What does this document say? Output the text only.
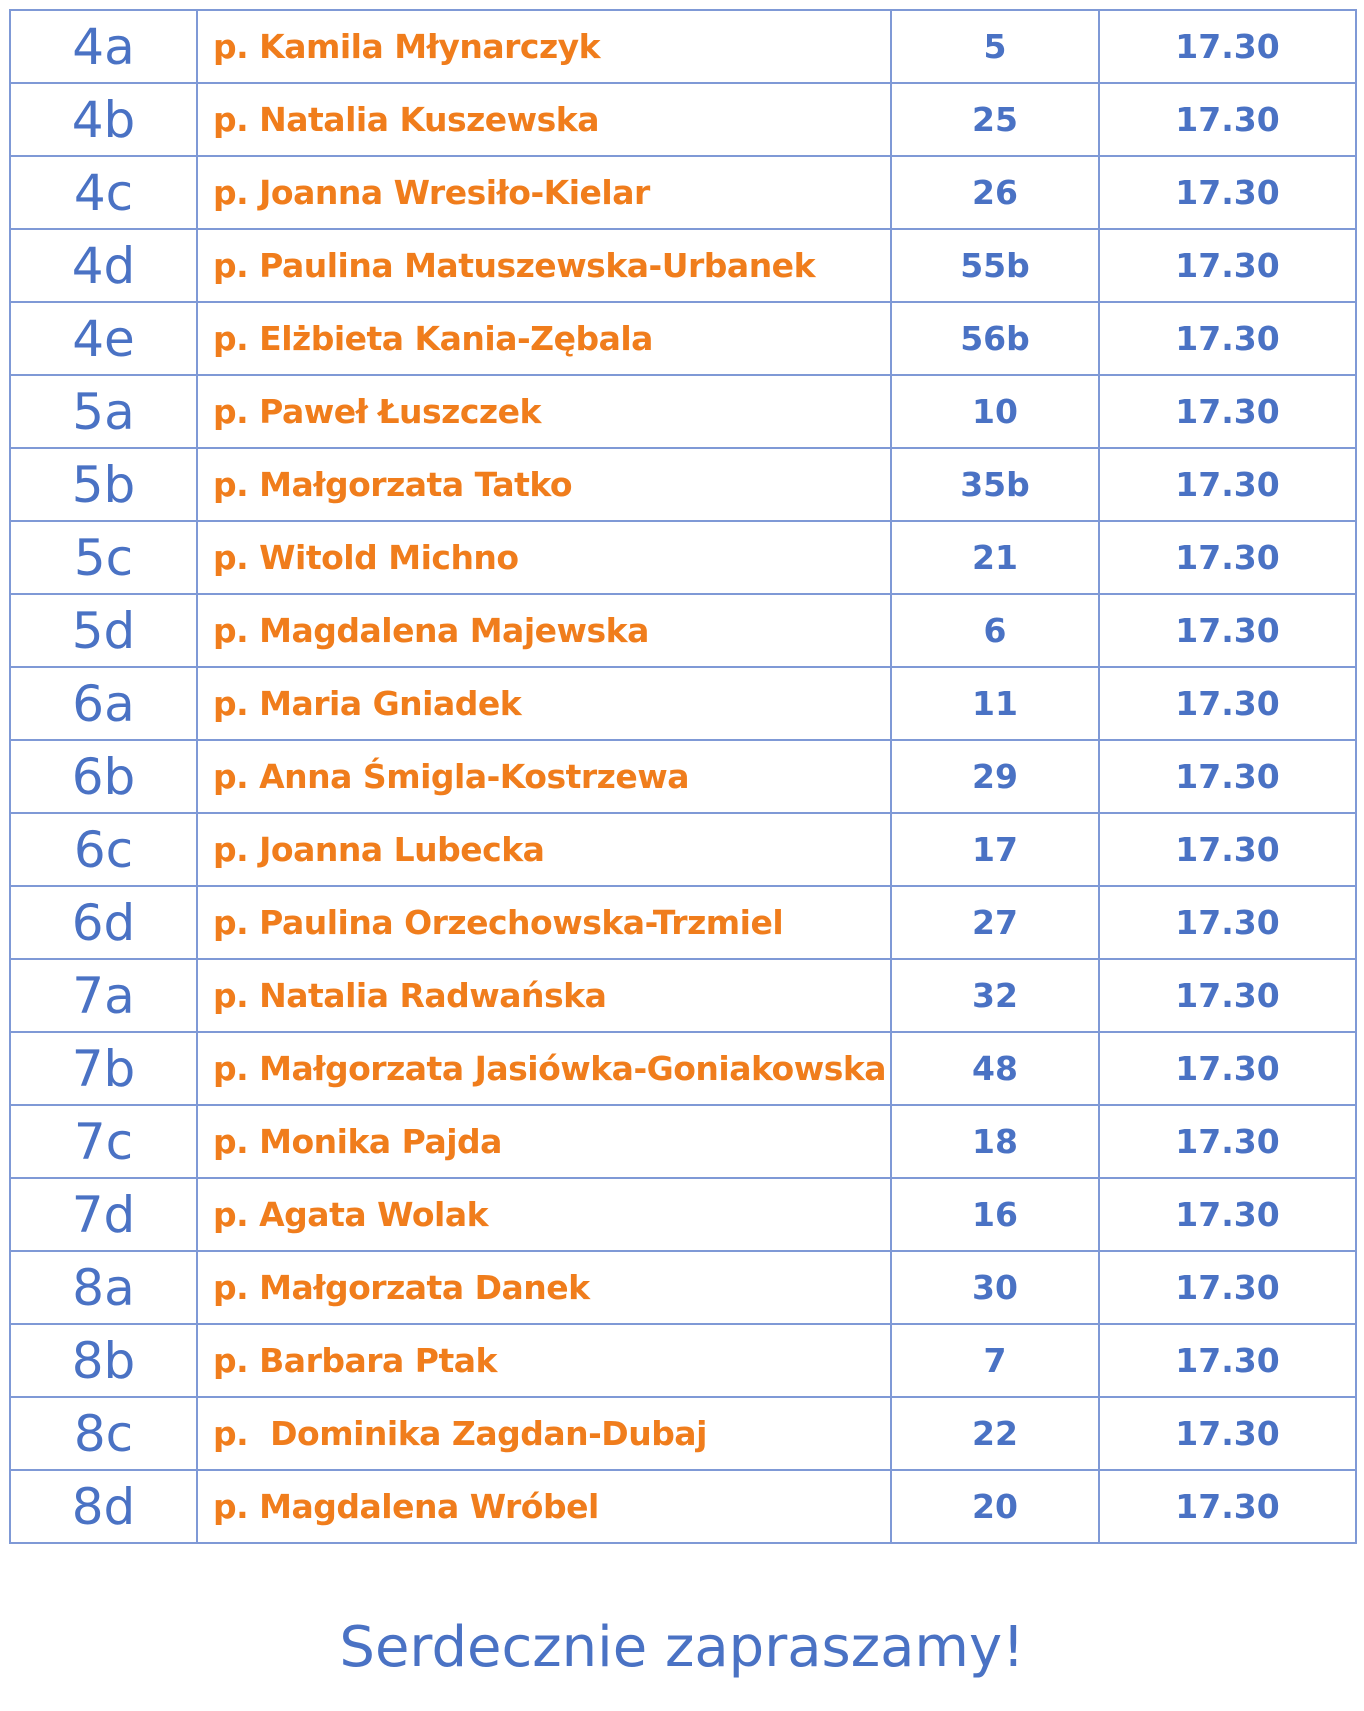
4a	p. Kamila Młynarczyk	5	17.30
4b	p. Natalia Kuszewska	25	17.30
4c	p. Joanna Wresiło-Kielar	26	17.30
4d	p. Paulina Matuszewska-Urbanek	55b	17.30
4e	p. Elżbieta Kania-Zębala	56b	17.30
5a	p. Paweł Łuszczek	10	17.30
5b	p. Małgorzata Tatko	35b	17.30
5c	p. Witold Michno	21	17.30
5d	p. Magdalena Majewska	6	17.30
6a	p. Maria Gniadek	11	17.30
6b	p. Anna Śmigla-Kostrzewa	29	17.30
6c	p. Joanna Lubecka	17	17.30
6d	p. Paulina Orzechowska-Trzmiel	27	17.30
7a	p. Natalia Radwańska	32	17.30
7b	p. Małgorzata Jasiówka-Goniakowska	48	17.30
7c	p. Monika Pajda	18	17.30
7d	p. Agata Wolak	16	17.30
8a	p. Małgorzata Danek	30	17.30
8b	p. Barbara Ptak	7	17.30
8c	p.  Dominika Zagdan-Dubaj	22	17.30
8d	p. Magdalena Wróbel	20	17.30
Serdecznie zapraszamy!
